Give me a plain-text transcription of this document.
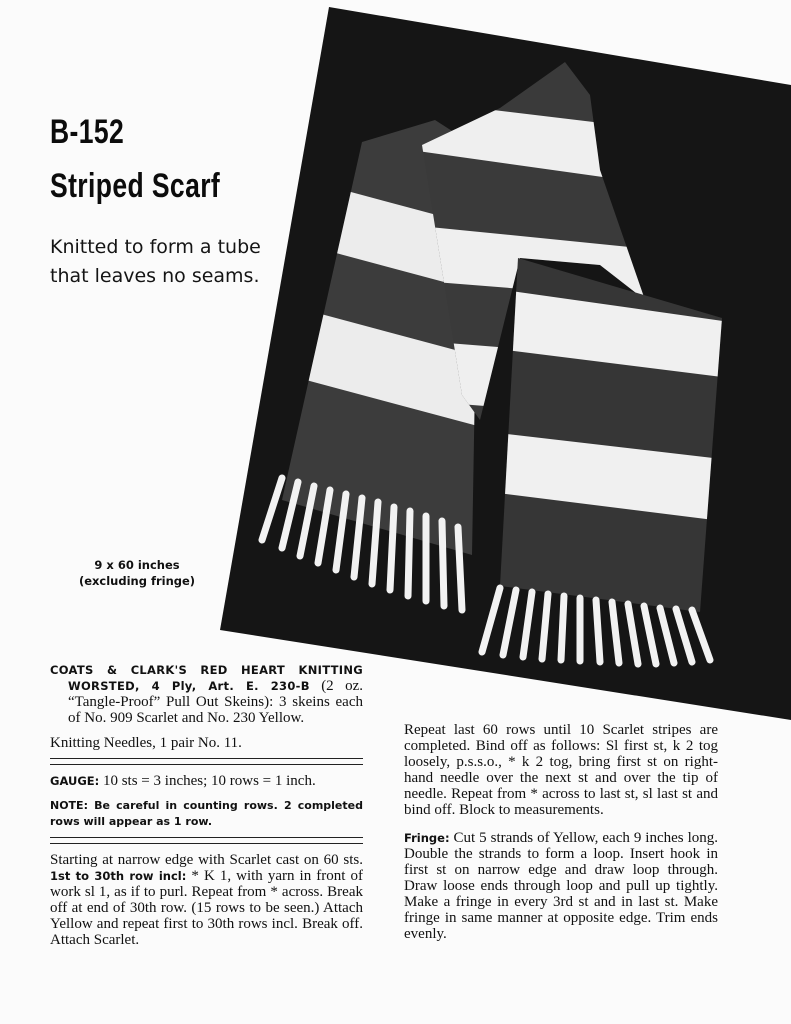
B-152
Striped Scarf
Knitted to form a tube that leaves no seams.
9 x 60 inches
(excluding fringe)

COATS & CLARK'S RED HEART KNITTING WORSTED, 4 Ply, Art. E. 230-B (2 oz. “Tangle-Proof” Pull Out Skeins): 3 skeins each of No. 909 Scarlet and No. 230 Yellow.

Knitting Needles, 1 pair No. 11.

GAUGE: 10 sts = 3 inches; 10 rows = 1 inch.

NOTE: Be careful in counting rows. 2 completed rows will appear as 1 row.

Starting at narrow edge with Scarlet cast on 60 sts. 1st to 30th row incl: * K 1, with yarn in front of work sl 1, as if to purl. Repeat from * across. Break off at end of 30th row. (15 rows to be seen.) Attach Yellow and repeat first to 30th rows incl. Break off. Attach Scarlet.

Repeat last 60 rows until 10 Scarlet stripes are completed. Bind off as follows: Sl first st, k 2 tog loosely, p.s.s.o., * k 2 tog, bring first st on right-hand needle over the next st and over the tip of needle. Repeat from * across to last st, sl last st and bind off. Block to measurements.

Fringe: Cut 5 strands of Yellow, each 9 inches long. Double the strands to form a loop. Insert hook in first st on narrow edge and draw loop through. Draw loose ends through loop and pull up tightly. Make a fringe in every 3rd st and in last st. Make fringe in same manner at opposite edge. Trim ends evenly.
